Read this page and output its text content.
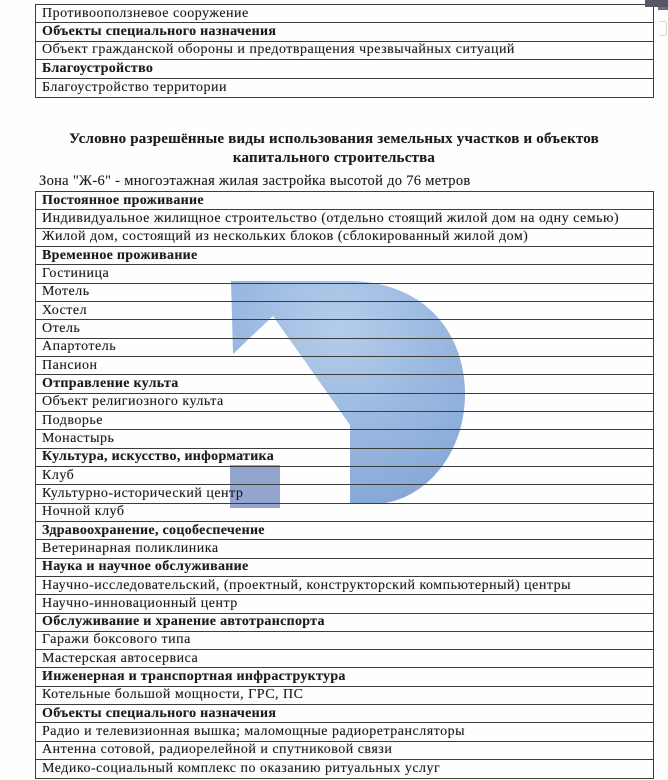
Противооползневое сооружение
Объекты специального назначения
Объект гражданской обороны и предотвращения чрезвычайных ситуаций
Благоустройство
Благоустройство территории
Условно разрешённые виды использования земельных участков и объектов
капитального строительства
Зона "Ж-6" - многоэтажная жилая застройка высотой до 76 метров
Постоянное проживание
Индивидуальное жилищное строительство (отдельно стоящий жилой дом на одну семью)
Жилой дом, состоящий из нескольких блоков (сблокированный жилой дом)
Временное проживание
Гостиница
Мотель
Хостел
Отель
Апартотель
Пансион
Отправление культа
Объект религиозного культа
Подворье
Монастырь
Культура, искусство, информатика
Клуб
Культурно-исторический центр
Ночной клуб
Здравоохранение, соцобеспечение
Ветеринарная поликлиника
Наука и научное обслуживание
Научно-исследовательский, (проектный, конструкторский компьютерный) центры
Научно-инновационный центр
Обслуживание и хранение автотранспорта
Гаражи боксового типа
Мастерская автосервиса
Инженерная и транспортная инфраструктура
Котельные большой мощности, ГРС, ПС
Объекты специального назначения
Радио и телевизионная вышка; маломощные радиоретрансляторы
Антенна сотовой, радиорелейной и спутниковой связи
Медико-социальный комплекс по оказанию ритуальных услуг
